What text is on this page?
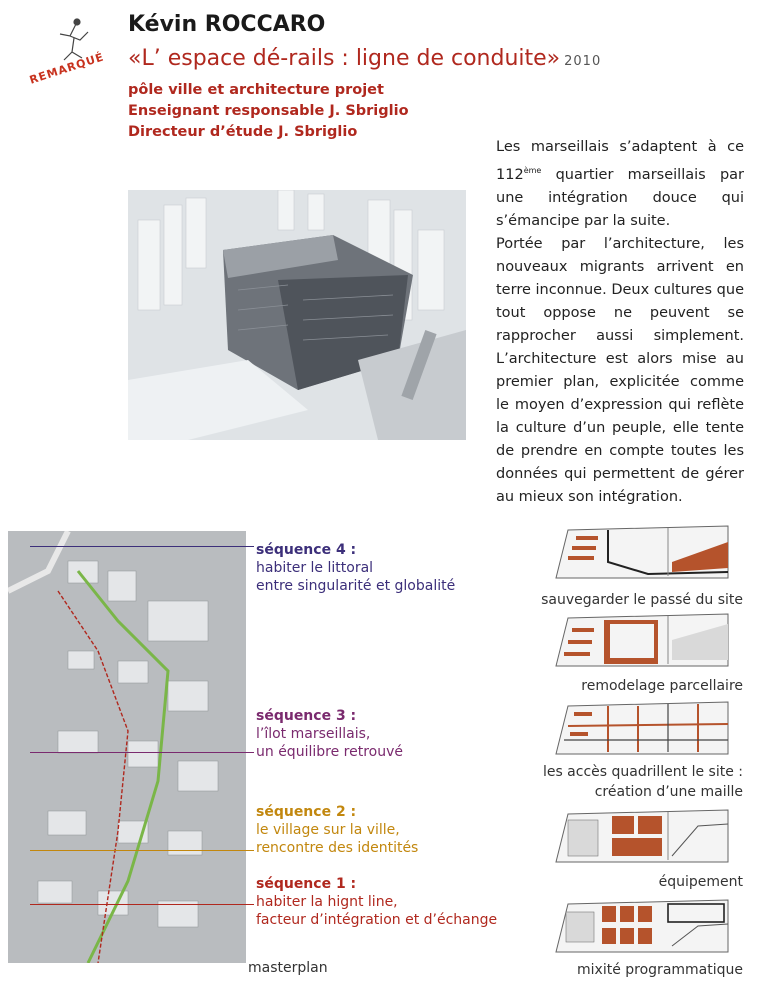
REMARQUÉ
Kévin ROCCARO
«L’ espace dé-rails : ligne de conduite» 2010
pôle ville et architecture projet
Enseignant responsable J. Sbriglio
Directeur d’étude J. Sbriglio

Les marseillais s’adaptent à ce 112ème quartier marseillais par une intégration douce qui s’émancipe par la suite.

Portée par l’architecture, les nouveaux migrants arrivent en terre inconnue. Deux cultures que tout oppose ne peuvent se rapprocher aussi simplement. L’architecture est alors mise au premier plan, explicitée comme le moyen d’expression qui reflète la culture d’un peuple, elle tente de prendre en compte toutes les données qui permettent de gérer au mieux son intégration.

séquence 4 :
habiter le littoral
entre singularité et globalité
séquence 3 :
l’îlot marseillais,
un équilibre retrouvé
séquence 2 :
le village sur la ville,
rencontre des identités
séquence 1 :
habiter la hignt line,
facteur d’intégration et d’échange
masterplan
sauvegarder le passé du site
remodelage parcellaire
les accès quadrillent le site :
création d’une maille
équipement
mixité programmatique
